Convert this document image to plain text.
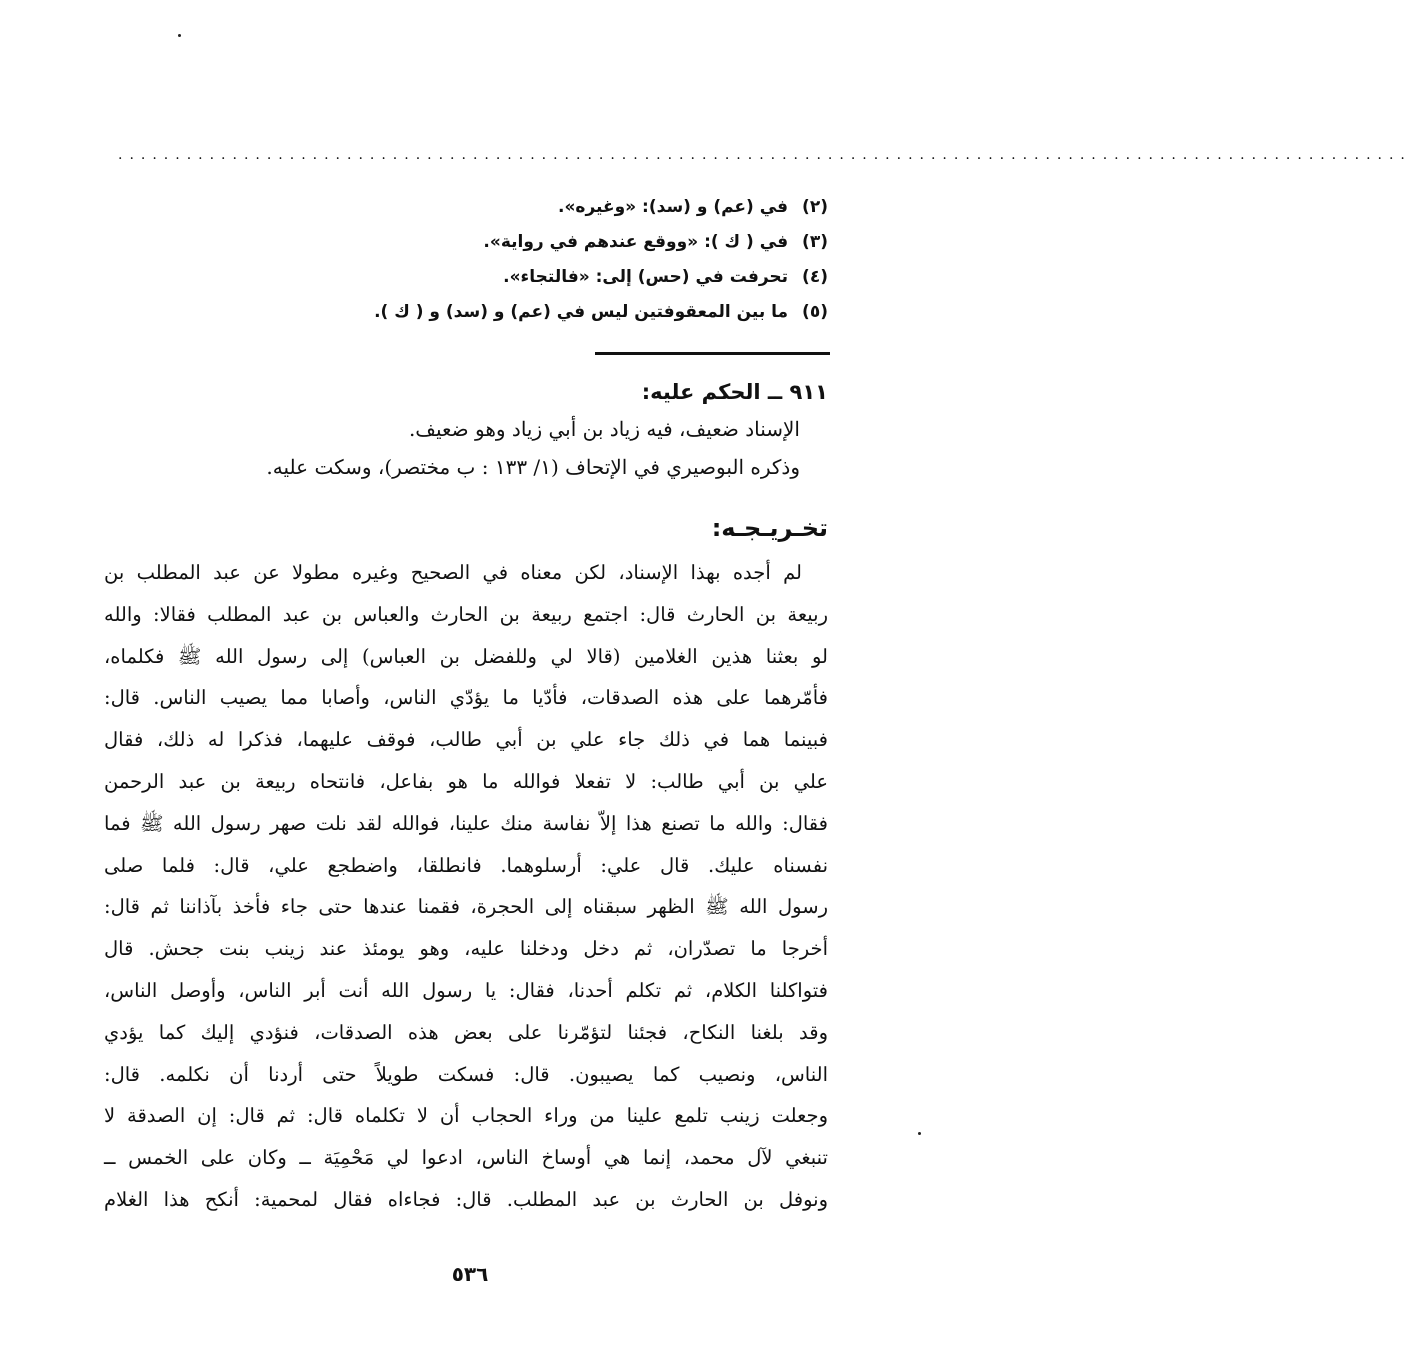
.................................................................................................................
(٢) في (عم) و (سد): «وغيره».
(٣) في ( ك ): «ووقع عندهم في رواية».
(٤) تحرفت في (حس) إلى: «فالتجاء».
(٥) ما بين المعقوفتين ليس في (عم) و (سد) و ( ك ).
٩١١ ــ الحكم عليه:
الإسناد ضعيف، فيه زياد بن أبي زياد وهو ضعيف.
وذكره البوصيري في الإتحاف (١/ ١٣٣ : ب مختصر)، وسكت عليه.
تخـريـجـه:
لم أجده بهذا الإسناد، لكن معناه في الصحيح وغيره مطولا عن عبد المطلب بن
ربيعة بن الحارث قال: اجتمع ربيعة بن الحارث والعباس بن عبد المطلب فقالا: والله
لو بعثنا هذين الغلامين (قالا لي وللفضل بن العباس) إلى رسول الله ﷺ فكلماه،
فأمّرهما على هذه الصدقات، فأدّيا ما يؤدّي الناس، وأصابا مما يصيب الناس. قال:
فبينما هما في ذلك جاء علي بن أبي طالب، فوقف عليهما، فذكرا له ذلك، فقال
علي بن أبي طالب: لا تفعلا فوالله ما هو بفاعل، فانتحاه ربيعة بن عبد الرحمن
فقال: والله ما تصنع هذا إلاّ نفاسة منك علينا، فوالله لقد نلت صهر رسول الله ﷺ فما
نفسناه عليك. قال علي: أرسلوهما. فانطلقا، واضطجع علي، قال: فلما صلى
رسول الله ﷺ الظهر سبقناه إلى الحجرة، فقمنا عندها حتى جاء فأخذ بآذاننا ثم قال:
أخرجا ما تصدّران، ثم دخل ودخلنا عليه، وهو يومئذ عند زينب بنت جحش. قال
فتواكلنا الكلام، ثم تكلم أحدنا، فقال: يا رسول الله أنت أبر الناس، وأوصل الناس،
وقد بلغنا النكاح، فجئنا لتؤمّرنا على بعض هذه الصدقات، فنؤدي إليك كما يؤدي
الناس، ونصيب كما يصيبون. قال: فسكت طويلاً حتى أردنا أن نكلمه. قال:
وجعلت زينب تلمع علينا من وراء الحجاب أن لا تكلماه قال: ثم قال: إن الصدقة لا
تنبغي لآل محمد، إنما هي أوساخ الناس، ادعوا لي مَحْمِيَة ــ وكان على الخمس ــ
ونوفل بن الحارث بن عبد المطلب. قال: فجاءاه فقال لمحمية: أنكح هذا الغلام
٥٣٦
